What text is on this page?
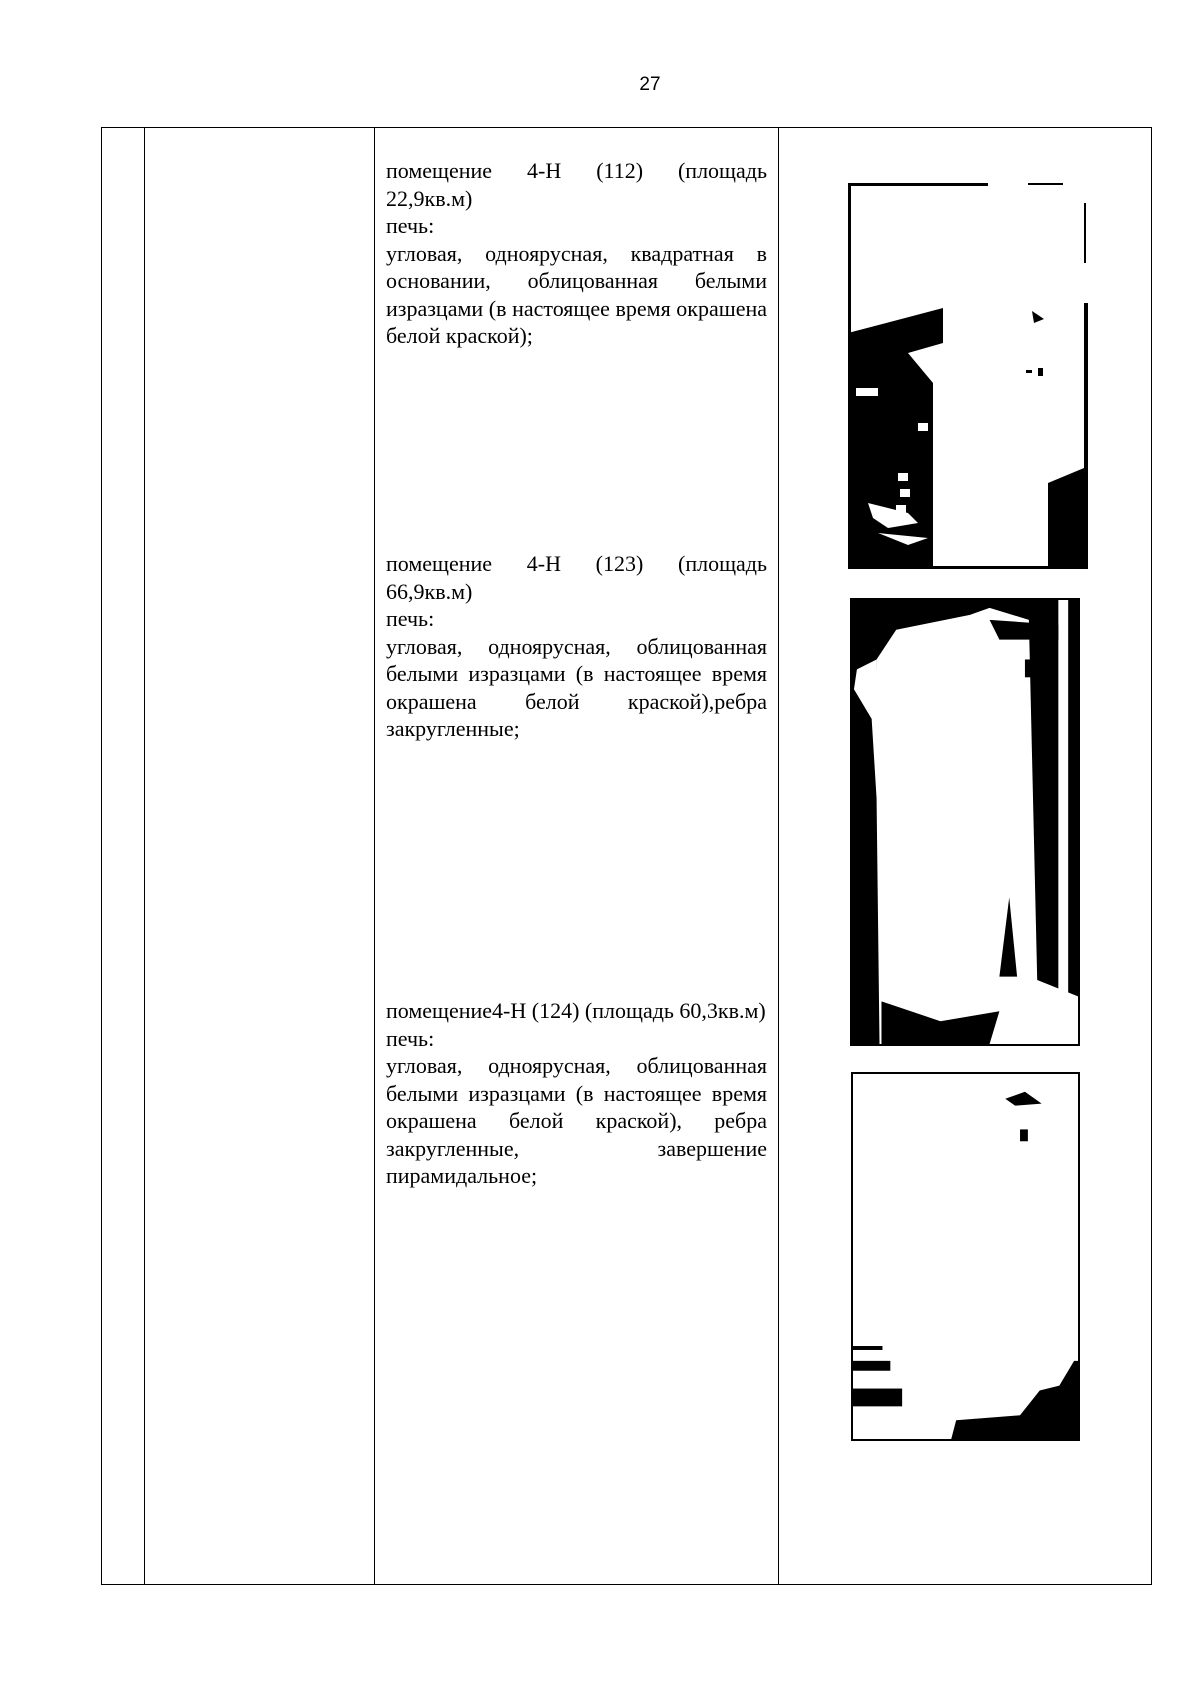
27

помещение 4-Н (112) (площадь 22,9кв.м)

печь:

угловая, одноярусная, квадратная в основании, облицованная белыми изразцами (в настоящее время окрашена белой краской);

помещение 4-Н (123) (площадь 66,9кв.м)

печь:

угловая, одноярусная, облицованная белыми изразцами (в настоящее время окрашена белой краской),ребра закругленные;

помещение4-Н (124) (площадь 60,3кв.м)

печь:

угловая, одноярусная, облицованная белыми изразцами (в настоящее время окрашена белой краской), ребра закругленные, завершение пирамидальное;
